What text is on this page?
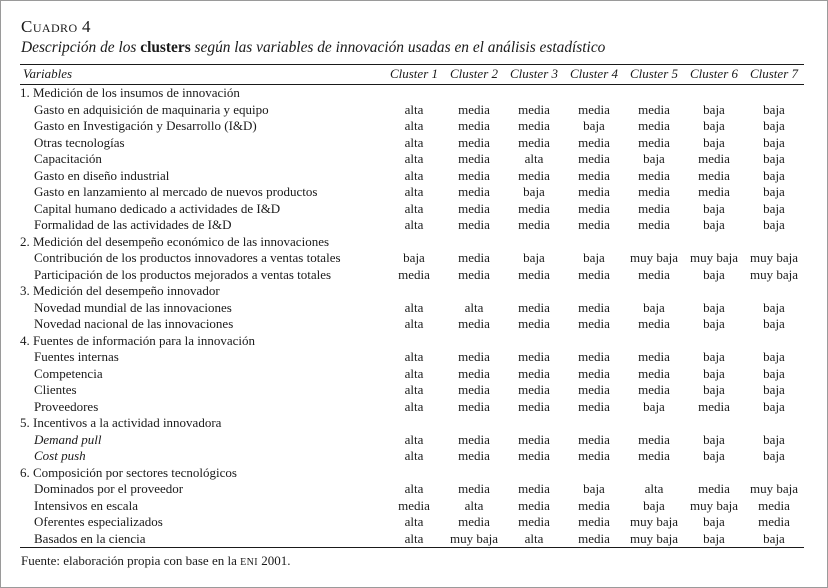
CUADRO 4
Descripción de los clusters según las variables de innovación usadas en el análisis estadístico
Variables	Cluster 1	Cluster 2	Cluster 3	Cluster 4	Cluster 5	Cluster 6	Cluster 7
1. Medición de los insumos de innovación							
Gasto en adquisición de maquinaria y equipo	alta	media	media	media	media	baja	baja
Gasto en Investigación y Desarrollo (I&D)	alta	media	media	baja	media	baja	baja
Otras tecnologías	alta	media	media	media	media	baja	baja
Capacitación	alta	media	alta	media	baja	media	baja
Gasto en diseño industrial	alta	media	media	media	media	media	baja
Gasto en lanzamiento al mercado de nuevos productos	alta	media	baja	media	media	media	baja
Capital humano dedicado a actividades de I&D	alta	media	media	media	media	baja	baja
Formalidad de las actividades de I&D	alta	media	media	media	media	baja	baja
2. Medición del desempeño económico de las innovaciones							
Contribución de los productos innovadores a ventas totales	baja	media	baja	baja	muy baja	muy baja	muy baja
Participación de los productos mejorados a ventas totales	media	media	media	media	media	baja	muy baja
3. Medición del desempeño innovador							
Novedad mundial de las innovaciones	alta	alta	media	media	baja	baja	baja
Novedad nacional de las innovaciones	alta	media	media	media	media	baja	baja
4. Fuentes de información para la innovación							
Fuentes internas	alta	media	media	media	media	baja	baja
Competencia	alta	media	media	media	media	baja	baja
Clientes	alta	media	media	media	media	baja	baja
Proveedores	alta	media	media	media	baja	media	baja
5. Incentivos a la actividad innovadora							
Demand pull	alta	media	media	media	media	baja	baja
Cost push	alta	media	media	media	media	baja	baja
6. Composición por sectores tecnológicos							
Dominados por el proveedor	alta	media	media	baja	alta	media	muy baja
Intensivos en escala	media	alta	media	media	baja	muy baja	media
Oferentes especializados	alta	media	media	media	muy baja	baja	media
Basados en la ciencia	alta	muy baja	alta	media	muy baja	baja	baja
Fuente: elaboración propia con base en la ENI 2001.
